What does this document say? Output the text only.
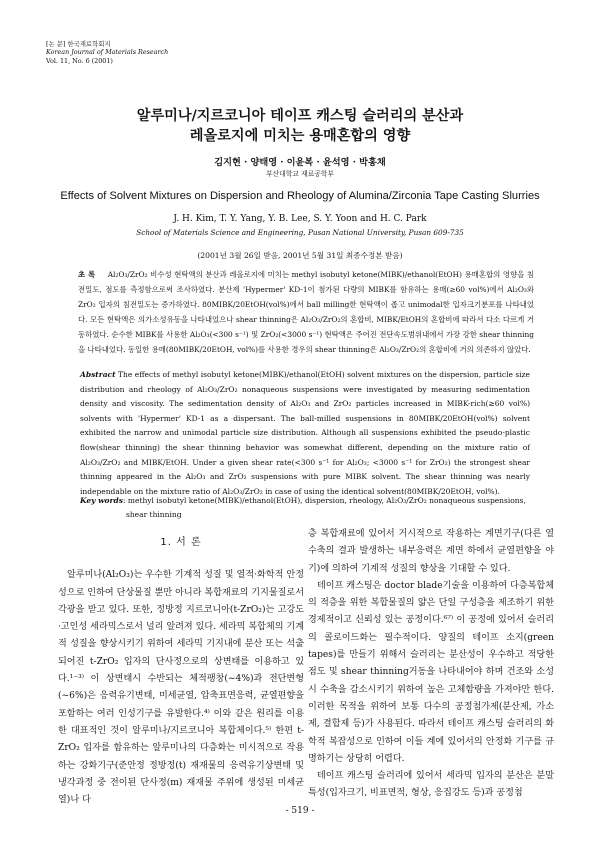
[논 문] 한국재료학회지
Korean Journal of Materials Research
Vol. 11, No. 6 (2001)
알루미나/지르코니아 테이프 캐스팅 슬러리의 분산과
레올로지에 미치는 용매혼합의 영향
김지현 · 양태영 · 이윤복 · 윤석영 · 박홍채
부산대학교 재료공학부
Effects of Solvent Mixtures on Dispersion and Rheology of Alumina/Zirconia Tape Casting Slurries
J. H. Kim, T. Y. Yang, Y. B. Lee, S. Y. Yoon and H. C. Park
School of Materials Science and Engineering, Pusan National University, Pusan 609-735
(2001년 3월 26일 받음, 2001년 5월 31일 최종수정본 받음)
초 록 Al₂O₃/ZrO₂ 비수성 현탁액의 분산과 레올로지에 미치는 methyl isobutyl ketone(MIBK)/ethanol(EtOH) 용매혼합의 영향을 침전밀도, 점도를 측정함으로써 조사하였다. 분산제 'Hypermer' KD-1이 첨가된 다량의 MIBK를 함유하는 용매(≥60 vol%)에서 Al₂O₃와 ZrO₂ 입자의 침전밀도는 증가하였다. 80MIBK/20EtOH(vol%)에서 ball milling한 현탁액이 좁고 unimodal한 입자크기분포를 나타내었다. 모든 현탁액은 의가소성유동을 나타내었으나 shear thinning은 Al₂O₃/ZrO₂의 혼합비, MIBK/EtOH의 혼합비에 따라서 다소 다르게 거동하였다. 순수한 MIBK를 사용한 Al₂O₃(<300 s⁻¹) 및 ZrO₂(<3000 s⁻¹) 현탁액은 주어진 전단속도범위내에서 가장 강한 shear thinning을 나타내었다. 동일한 용매(80MIBK/20EtOH, vol%)를 사용한 경우의 shear thinning은 Al₂O₃/ZrO₂의 혼합비에 거의 의존하지 않았다.
Abstract The effects of methyl isobutyl ketone(MIBK)/ethanol(EtOH) solvent mixtures on the dispersion, particle size distribution and rheology of Al₂O₃/ZrO₂ nonaqueous suspensions were investigated by measuring sedimentation density and viscosity. The sedimentation density of Al₂O₃ and ZrO₂ particles increased in MIBK-rich(≥60 vol%) solvents with 'Hypermer' KD-1 as a dispersant. The ball-milled suspensions in 80MIBK/20EtOH(vol%) solvent exhibited the narrow and unimodal particle size distribution. Although all suspensions exhibited the pseudo-plastic flow(shear thinning) the shear thinning behavior was somewhat different, depending on the mixture ratio of Al₂O₃/ZrO₂ and MIBK/EtOH. Under a given shear rate(<300 s⁻¹ for Al₂O₃; <3000 s⁻¹ for ZrO₂) the strongest shear thinning appeared in the Al₂O₃ and ZrO₂ suspensions with pure MIBK solvent. The shear thinning was nearly independable on the mixture ratio of Al₂O₃/ZrO₂ in case of using the identical solvent(80MIBK/20EtOH, vol%).
Key words: methyl isobutyl ketone(MIBK)/ethanol(EtOH), dispersion, rheology, Al₂O₃/ZrO₂ nonaqueous suspensions,
shear thinning
1. 서 론

알루미나(Al₂O₃)는 우수한 기계적 성질 및 열적·화학적 안정성으로 인하여 단상물질 뿐만 아니라 복합재료의 기지물질로서 각광을 받고 있다. 또한, 정방정 지르코니아(t-ZrO₂)는 고강도·고인성 세라믹스로서 널리 알려져 있다. 세라믹 복합체의 기계적 성질을 향상시키기 위하여 세라믹 기지내에 분산 또는 석출되어진 t-ZrO₂ 입자의 단사정으로의 상변태를 이용하고 있다.¹⁻³⁾ 이 상변태시 수반되는 체적팽창(~4%)과 전단변형(~6%)은 응력유기변태, 미세균열, 압축표면응력, 균열편향을 포함하는 여러 인성기구를 유발한다.⁴⁾ 이와 같은 원리를 이용한 대표적인 것이 알루미나/지르코니아 복합체이다.⁵⁾ 한편 t-ZrO₂ 입자를 함유하는 알루미나의 다층화는 미시적으로 작용하는 강화기구(준안정 정방정(t) 재재물의 응력유기상변태 및 냉각과정 중 전이된 단사정(m) 재재물 주위에 생성된 미세균열)나 다

층 복합재료에 있어서 거시적으로 작용하는 계면기구(다른 열수축의 결과 발생하는 내부응력은 계면 하에서 균열편향을 야기)에 의하여 기계적 성질의 향상을 기대할 수 있다.

테이프 캐스팅은 doctor blade기술을 이용하여 다층복합체의 적층을 위한 복합물질의 얇은 단일 구성층을 제조하기 위한 경제적이고 신뢰성 있는 공정이다.⁶⁷⁾ 이 공정에 있어서 슬러리의 콜로이드화는 필수적이다. 양질의 테이프 소지(green tapes)를 만들기 위해서 슬러리는 분산성이 우수하고 적당한 점도 및 shear thinning거동을 나타내어야 하며 건조와 소성시 수축을 감소시키기 위하여 높은 고체함량을 가져야만 한다. 이러한 목적을 위하여 보통 다수의 공정첨가제(분산제, 가소제, 결합제 등)가 사용된다. 따라서 테이프 캐스팅 슬러리의 화학적 복잡성으로 인하여 이들 계에 있어서의 안정화 기구를 규명하기는 상당히 어렵다.

테이프 캐스팅 슬러리에 있어서 세라믹 입자의 분산은 분말특성(입자크기, 비표면적, 형상, 응집강도 등)과 공정첨

- 519 -
